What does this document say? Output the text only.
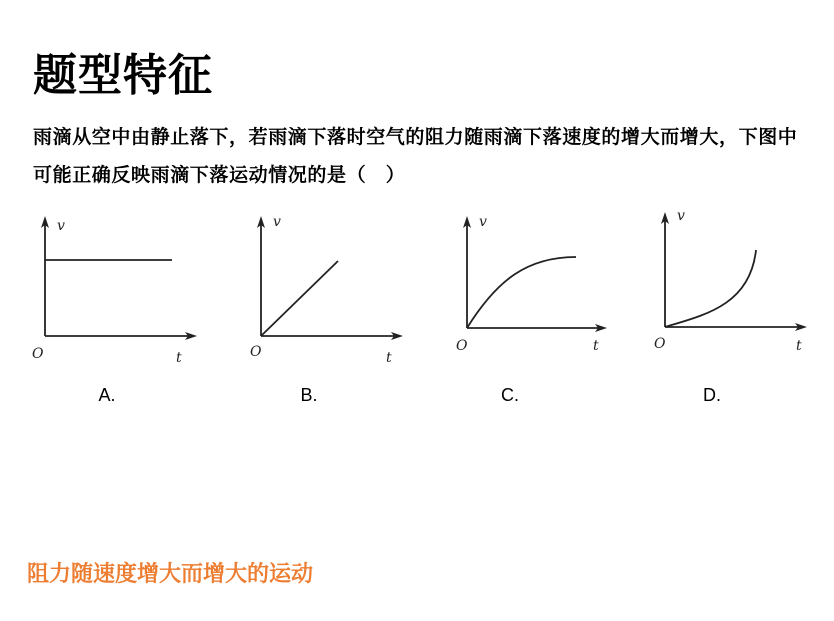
题型特征
雨滴从空中由静止落下，若雨滴下落时空气的阻力随雨滴下落速度的增大而增大，下图中可能正确反映雨滴下落运动情况的是（　）
v
O	t
v
O	t
v
O	t
v
O	t
A.	B.	C.	D.
阻力随速度增大而增大的运动
